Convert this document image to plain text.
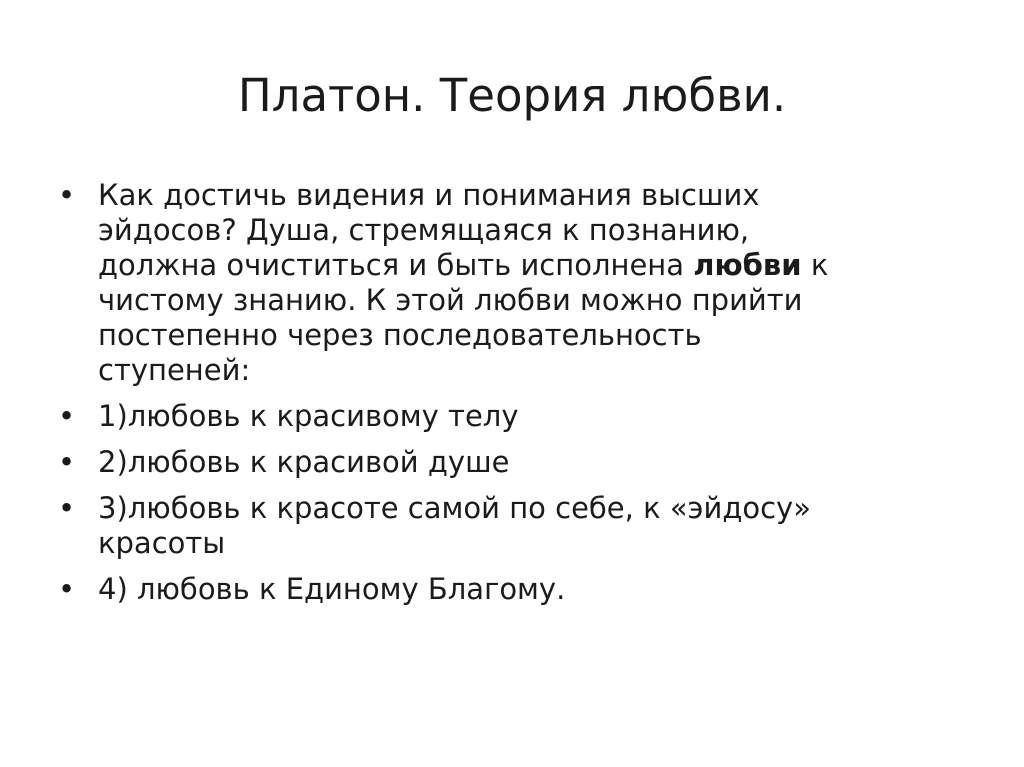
Платон. Теория любви.
• Как достичь видения и понимания высших
эйдосов? Душа, стремящаяся к познанию,
должна очиститься и быть исполнена любви к
чистому знанию. К этой любви можно прийти
постепенно через последовательность
ступеней:
• 1)любовь к красивому телу
• 2)любовь к красивой душе
• 3)любовь к красоте самой по себе, к «эйдосу»
красоты
• 4) любовь к Единому Благому.
